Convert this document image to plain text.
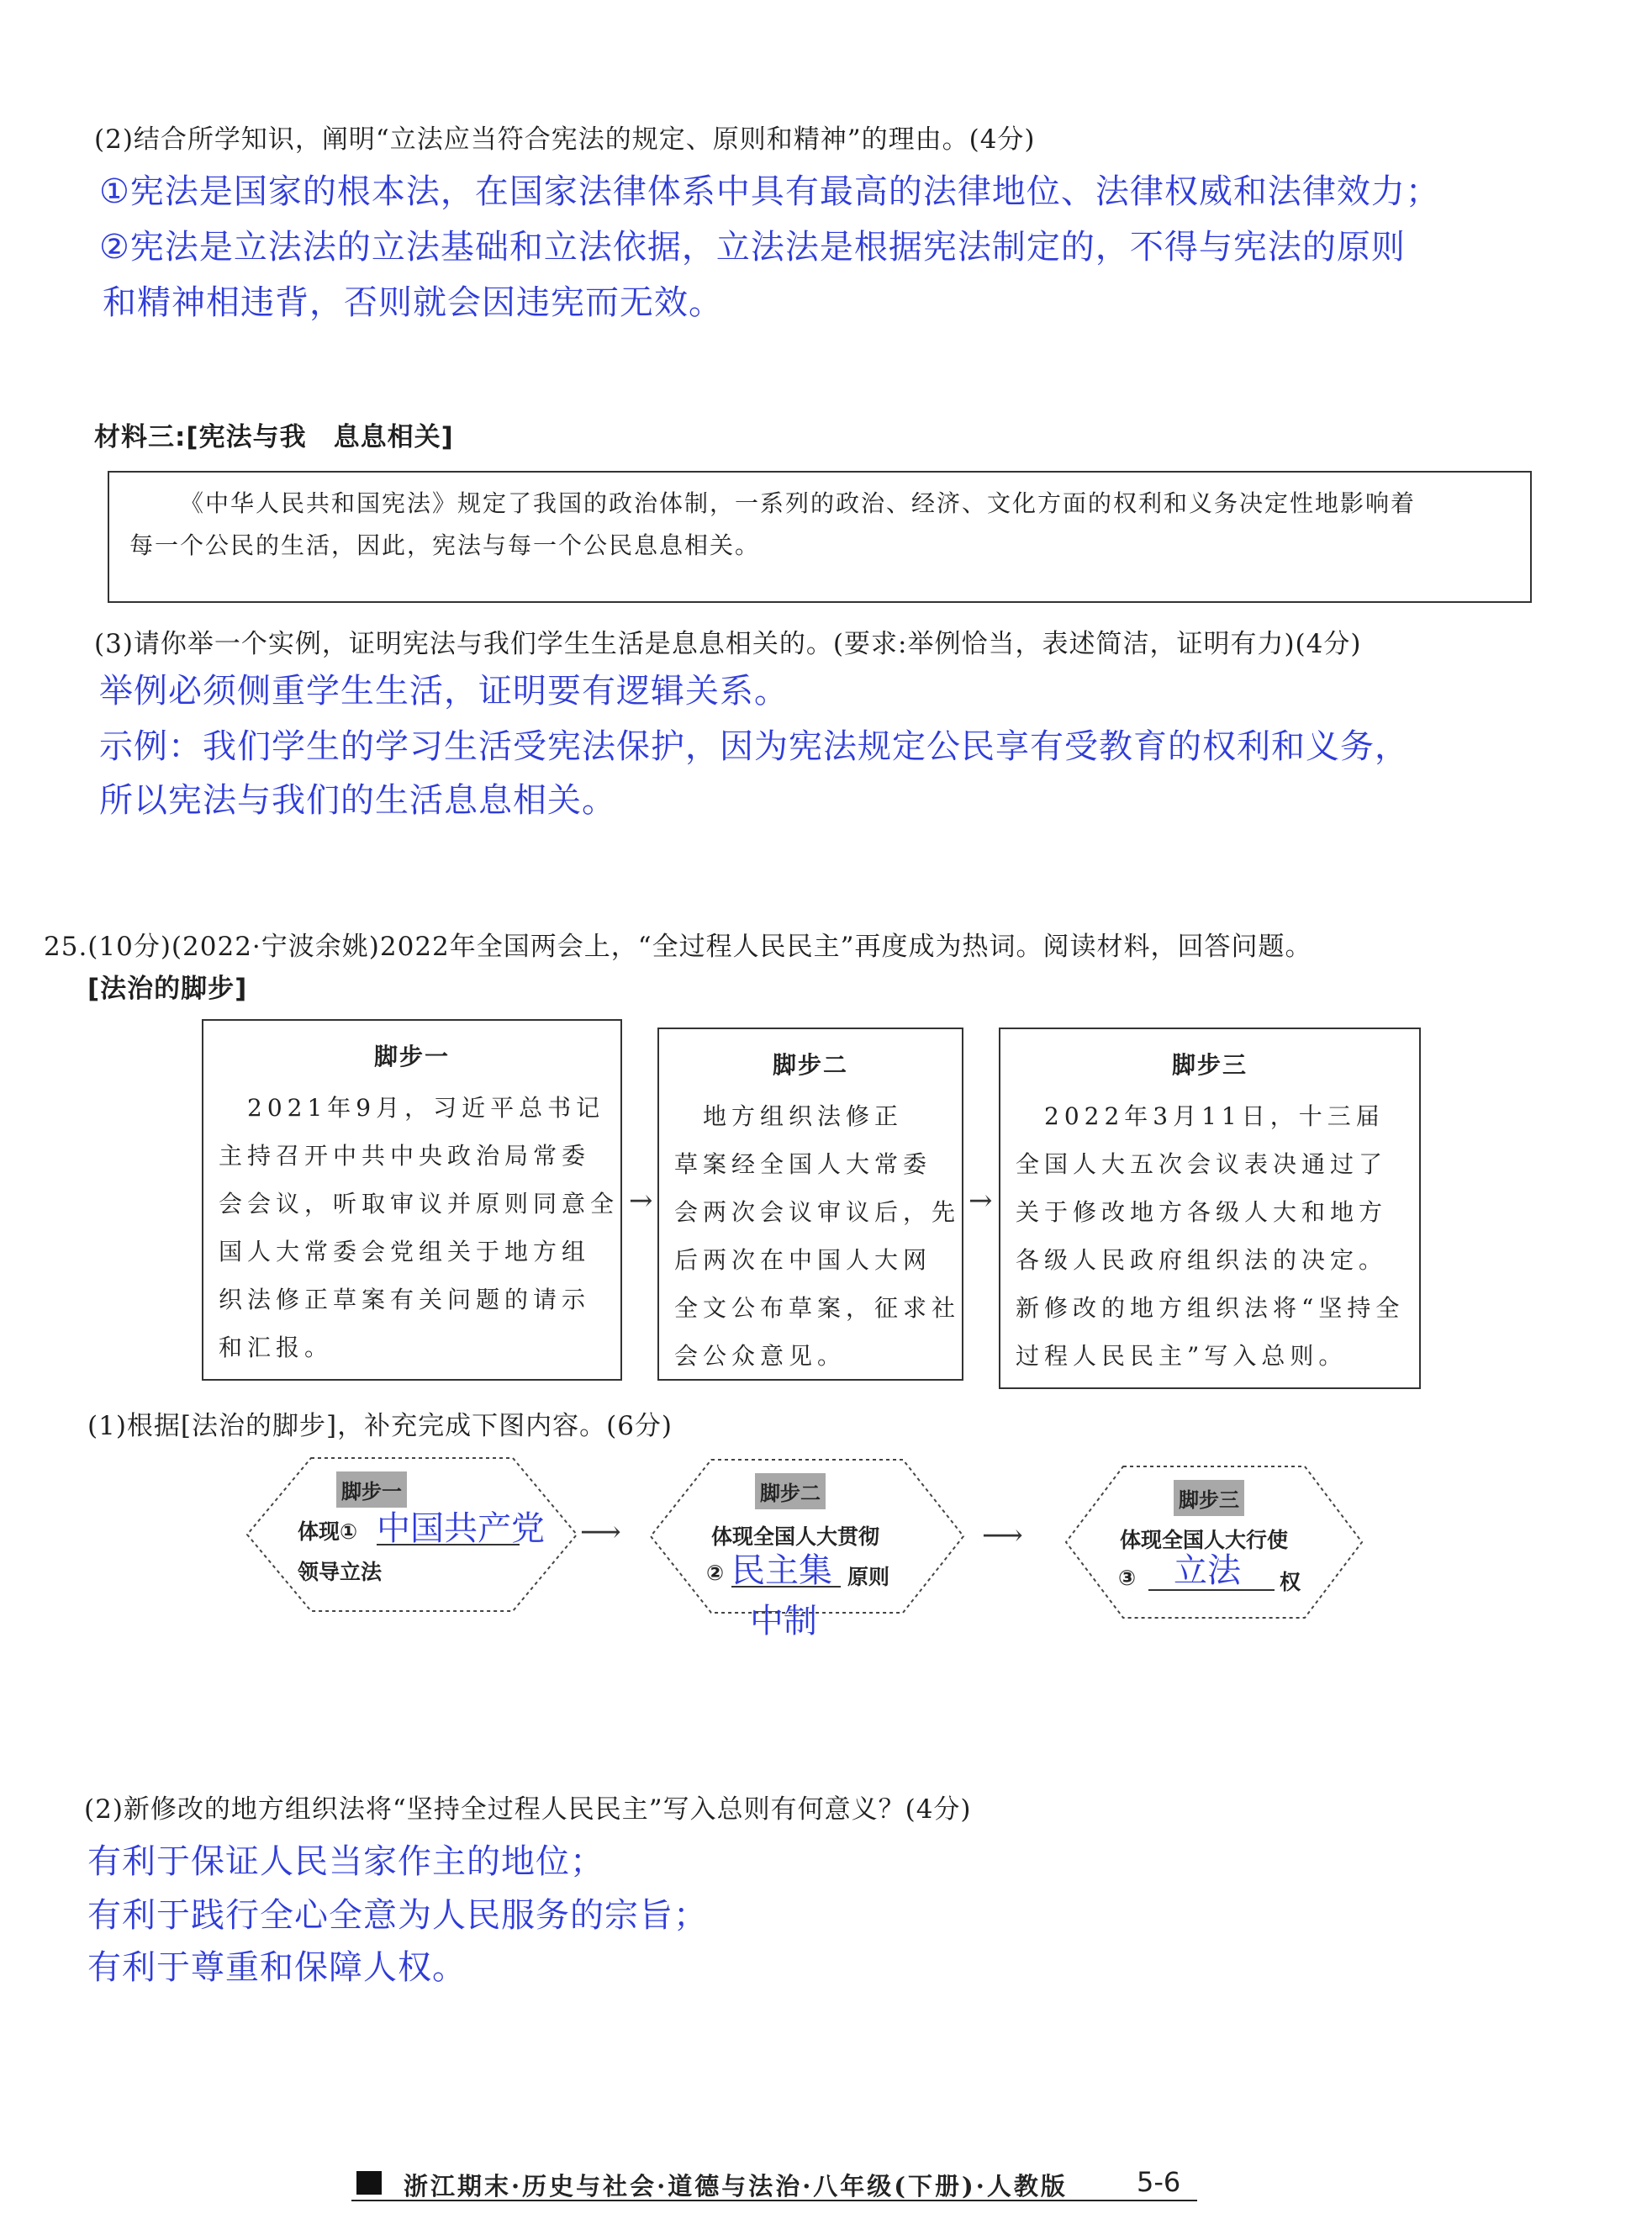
(2)结合所学知识，阐明“立法应当符合宪法的规定、原则和精神”的理由。(4分)
①宪法是国家的根本法，在国家法律体系中具有最高的法律地位、法律权威和法律效力；
②宪法是立法法的立法基础和立法依据，立法法是根据宪法制定的，不得与宪法的原则
和精神相违背，否则就会因违宪而无效。
材料三:[宪法与我　息息相关]
《中华人民共和国宪法》规定了我国的政治体制，一系列的政治、经济、文化方面的权利和义务决定性地影响着
每一个公民的生活，因此，宪法与每一个公民息息相关。
(3)请你举一个实例，证明宪法与我们学生生活是息息相关的。(要求:举例恰当，表述简洁，证明有力)(4分)
举例必须侧重学生生活，证明要有逻辑关系。
示例：我们学生的学习生活受宪法保护，因为宪法规定公民享有受教育的权利和义务，
所以宪法与我们的生活息息相关。
25.(10分)(2022·宁波余姚)2022年全国两会上，“全过程人民民主”再度成为热词。阅读材料，回答问题。
[法治的脚步]
脚步一
　2021年9月，习近平总书记
主持召开中共中央政治局常委
会会议，听取审议并原则同意全
国人大常委会党组关于地方组
织法修正草案有关问题的请示
和汇报。
→
脚步二
　地方组织法修正
草案经全国人大常委
会两次会议审议后，先
后两次在中国人大网
全文公布草案，征求社
会公众意见。
→
脚步三
　2022年3月11日，十三届
全国人大五次会议表决通过了
关于修改地方各级人大和地方
各级人民政府组织法的决定。
新修改的地方组织法将“坚持全
过程人民民主”写入总则。
(1)根据[法治的脚步]，补充完成下图内容。(6分)
脚步一
体现① 中国共产党
领导立法
⟶
脚步二
体现全国人大贯彻
② 民主集 原则
中制
⟶
脚步三
体现全国人大行使
③ 立法 权
(2)新修改的地方组织法将“坚持全过程人民民主”写入总则有何意义？(4分)
有利于保证人民当家作主的地位；
有利于践行全心全意为人民服务的宗旨；
有利于尊重和保障人权。
浙江期末·历史与社会·道德与法治·八年级(下册)·人教版	5-6
